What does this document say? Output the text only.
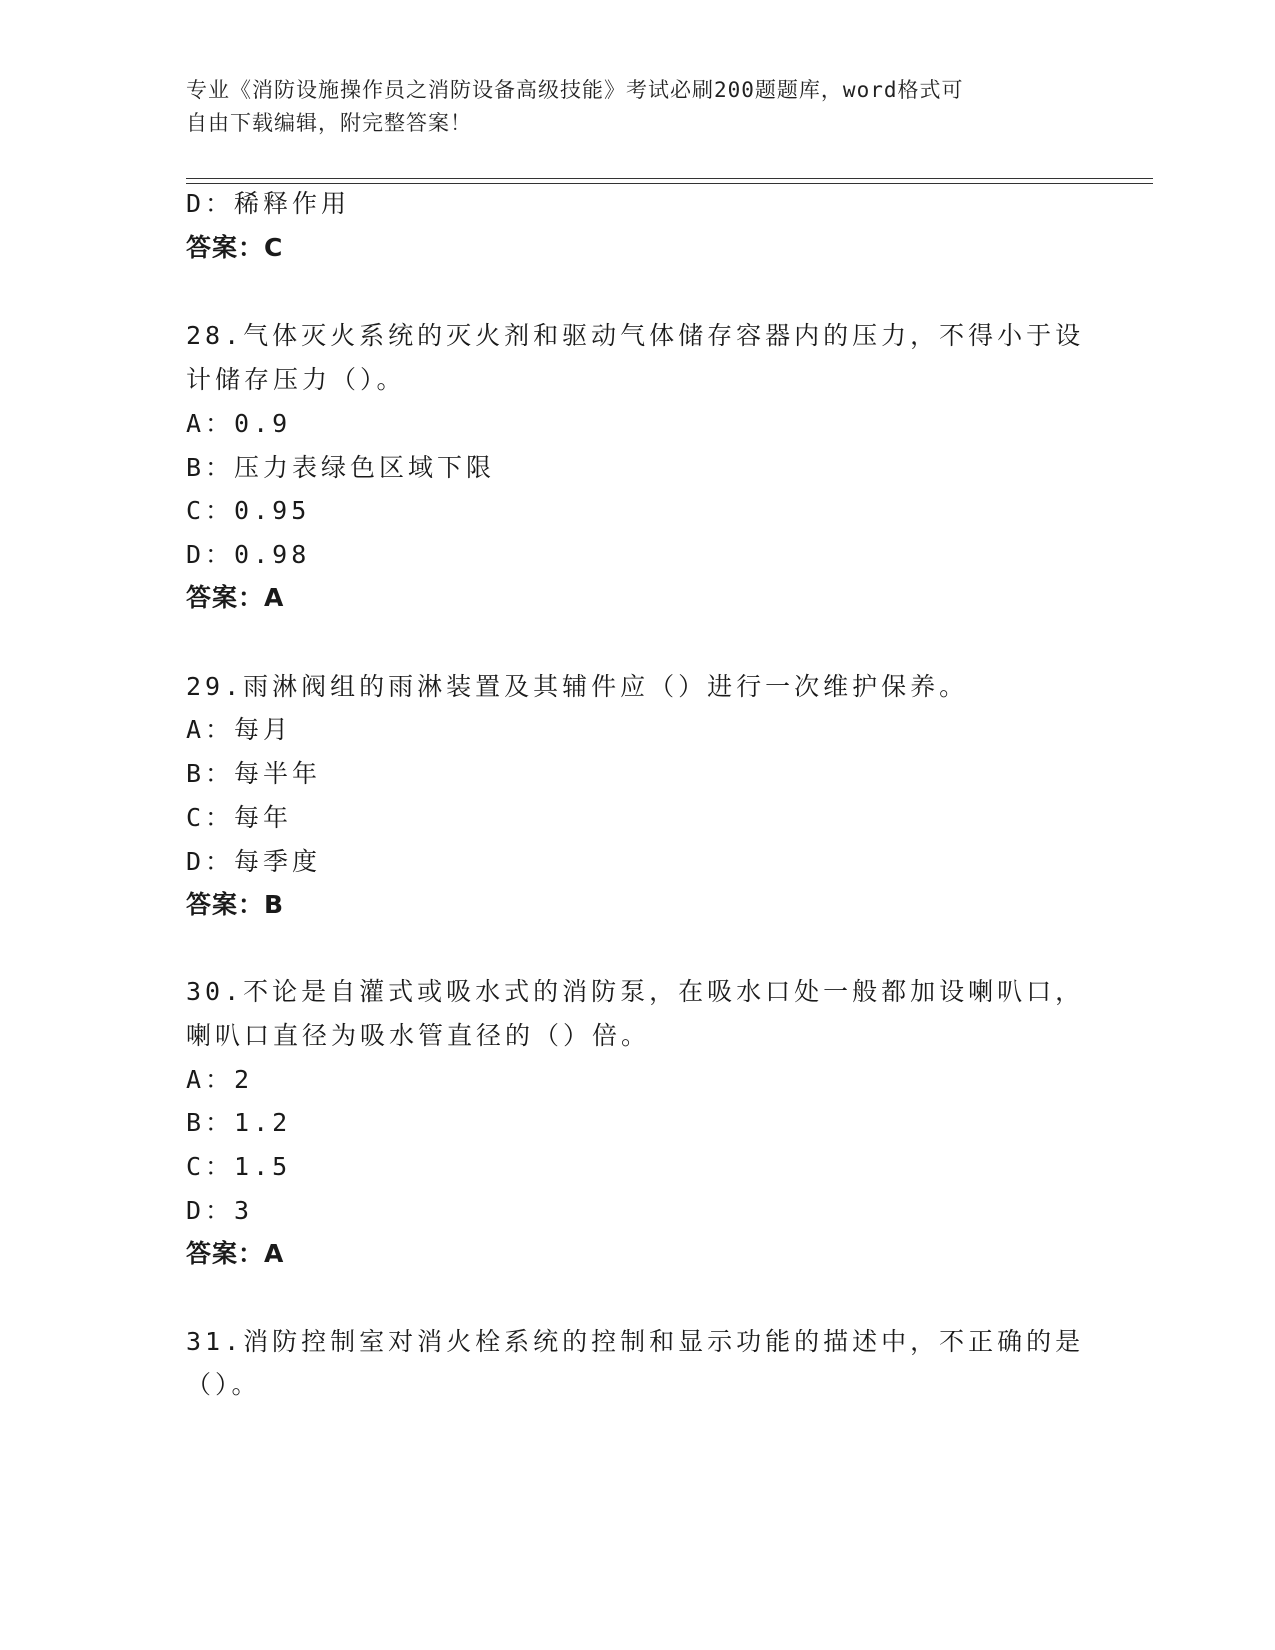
专业《消防设施操作员之消防设备高级技能》考试必刷200题题库，word格式可
自由下载编辑，附完整答案！
D：稀释作用
答案：C
28.气体灭火系统的灭火剂和驱动气体储存容器内的压力，不得小于设
计储存压力（）。
A：0.9
B：压力表绿色区域下限
C：0.95
D：0.98
答案：A
29.雨淋阀组的雨淋装置及其辅件应（）进行一次维护保养。
A：每月
B：每半年
C：每年
D：每季度
答案：B
30.不论是自灌式或吸水式的消防泵，在吸水口处一般都加设喇叭口，
喇叭口直径为吸水管直径的（）倍。
A：2
B：1.2
C：1.5
D：3
答案：A
31.消防控制室对消火栓系统的控制和显示功能的描述中，不正确的是
（）。
